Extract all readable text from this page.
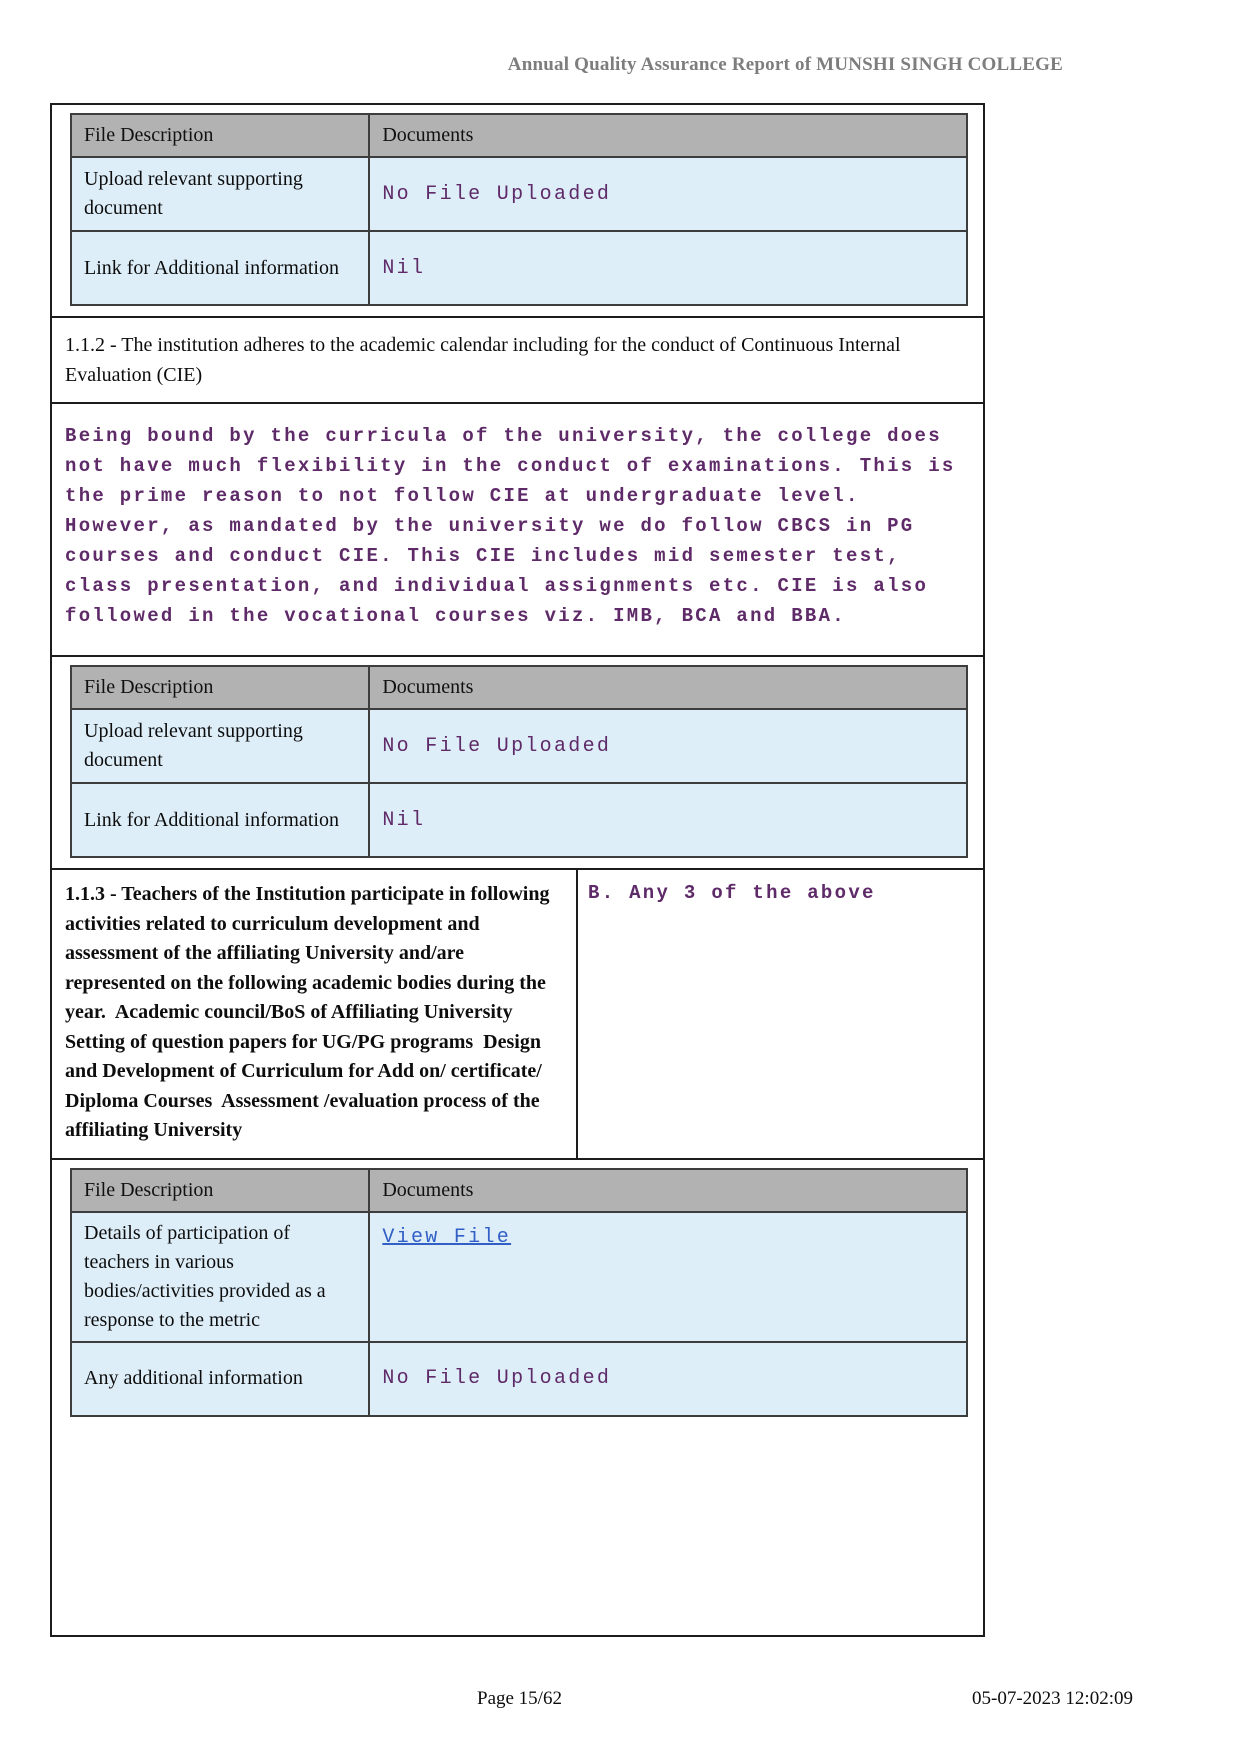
Annual Quality Assurance Report of MUNSHI SINGH COLLEGE
File Description	Documents
Upload relevant supporting document	No File Uploaded
Link for Additional information	Nil
1.1.2 - The institution adheres to the academic calendar including for the conduct of Continuous Internal Evaluation (CIE)
Being bound by the curricula of the university, the college does not have much flexibility in the conduct of examinations. This is the prime reason to not follow CIE at undergraduate level. However, as mandated by the university we do follow CBCS in PG courses and conduct CIE. This CIE includes mid semester test, class presentation, and individual assignments etc. CIE is also followed in the vocational courses viz. IMB, BCA and BBA.
File Description	Documents
Upload relevant supporting document	No File Uploaded
Link for Additional information	Nil
1.1.3 - Teachers of the Institution participate in following activities related to curriculum development and assessment of the affiliating University and/are represented on the following academic bodies during the year.  Academic council/BoS of Affiliating University Setting of question papers for UG/PG programs  Design and Development of Curriculum for Add on/ certificate/ Diploma Courses  Assessment /evaluation process of the affiliating University
B. Any 3 of the above
File Description	Documents
Details of participation of teachers in various bodies/activities provided as a response to the metric	View File
Any additional information	No File Uploaded
Page 15/62	05-07-2023 12:02:09
